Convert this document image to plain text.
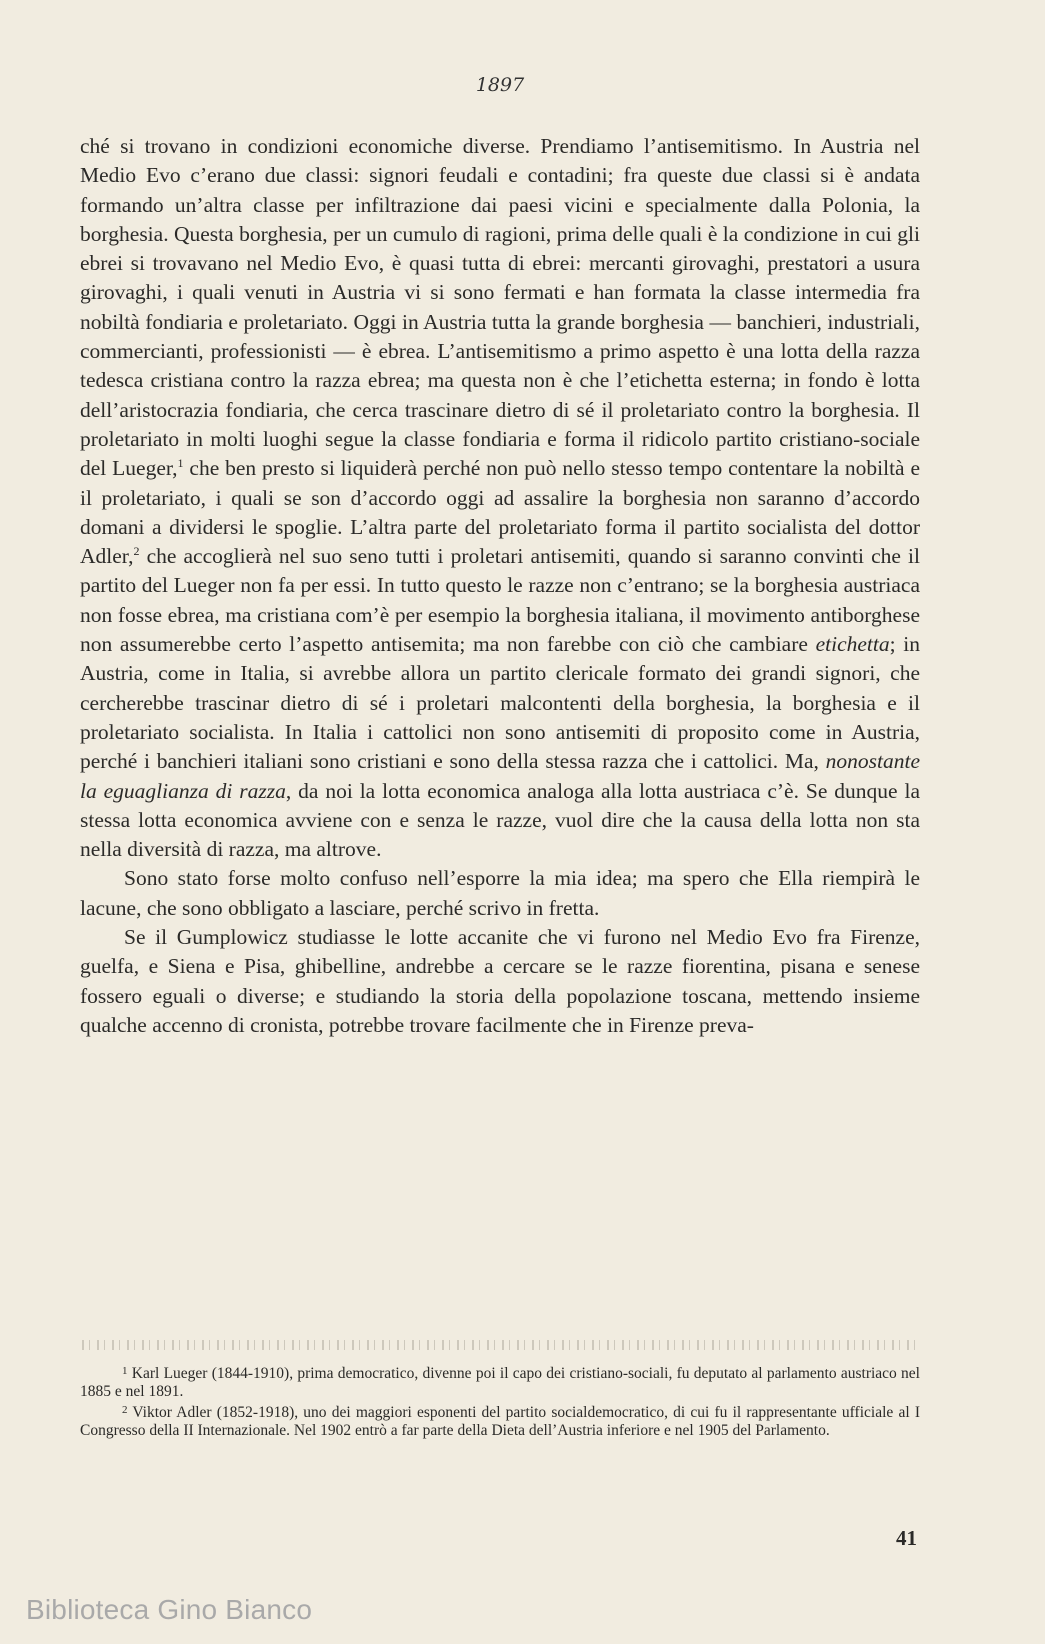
1897

ché si trovano in condizioni economiche diverse. Prendiamo l’antisemitismo. In Austria nel Medio Evo c’erano due classi: signori feudali e contadini; fra queste due classi si è andata formando un’altra classe per infiltrazione dai paesi vicini e specialmente dalla Polonia, la borghesia. Questa borghesia, per un cumulo di ragioni, prima delle quali è la condizione in cui gli ebrei si trovavano nel Medio Evo, è quasi tutta di ebrei: mercanti girovaghi, prestatori a usura girovaghi, i quali venuti in Austria vi si sono fermati e han formata la classe intermedia fra nobiltà fondiaria e proletariato. Oggi in Austria tutta la grande borghesia — banchieri, industriali, commercianti, professionisti — è ebrea. L’antisemitismo a primo aspetto è una lotta della razza tedesca cristiana contro la razza ebrea; ma questa non è che l’etichetta esterna; in fondo è lotta dell’aristocrazia fondiaria, che cerca trascinare dietro di sé il proletariato contro la borghesia. Il proletariato in molti luoghi segue la classe fondiaria e forma il ridicolo partito cristiano-sociale del Lueger,$^1$ che ben presto si liquiderà perché non può nello stesso tempo contentare la nobiltà e il proletariato, i quali se son d’accordo oggi ad assalire la borghesia non saranno d’accordo domani a dividersi le spoglie. L’altra parte del proletariato forma il partito socialista del dottor Adler,$^2$ che accoglierà nel suo seno tutti i proletari antisemiti, quando si saranno convinti che il partito del Lueger non fa per essi. In tutto questo le razze non c’entrano; se la borghesia austriaca non fosse ebrea, ma cristiana com’è per esempio la borghesia italiana, il movimento antiborghese non assumerebbe certo l’aspetto antisemita; ma non farebbe con ciò che cambiare etichetta; in Austria, come in Italia, si avrebbe allora un partito clericale formato dei grandi signori, che cercherebbe trascinar dietro di sé i proletari malcontenti della borghesia, la borghesia e il proletariato socialista. In Italia i cattolici non sono antisemiti di proposito come in Austria, perché i banchieri italiani sono cristiani e sono della stessa razza che i cattolici. Ma, nonostante la eguaglianza di razza, da noi la lotta economica analoga alla lotta austriaca c’è. Se dunque la stessa lotta economica avviene con e senza le razze, vuol dire che la causa della lotta non sta nella diversità di razza, ma altrove.

Sono stato forse molto confuso nell’esporre la mia idea; ma spero che Ella riempirà le lacune, che sono obbligato a lasciare, perché scrivo in fretta.

Se il Gumplowicz studiasse le lotte accanite che vi furono nel Medio Evo fra Firenze, guelfa, e Siena e Pisa, ghibelline, andrebbe a cercare se le razze fiorentina, pisana e senese fossero eguali o diverse; e studiando la storia della popolazione toscana, mettendo insieme qualche accenno di cronista, potrebbe trovare facilmente che in Firenze preva-

$^1$ Karl Lueger (1844-1910), prima democratico, divenne poi il capo dei cristiano-sociali, fu deputato al parlamento austriaco nel 1885 e nel 1891.

$^2$ Viktor Adler (1852-1918), uno dei maggiori esponenti del partito socialdemocratico, di cui fu il rappresentante ufficiale al I Congresso della II Internazionale. Nel 1902 entrò a far parte della Dieta dell’Austria inferiore e nel 1905 del Parlamento.

41
Biblioteca Gino Bianco
